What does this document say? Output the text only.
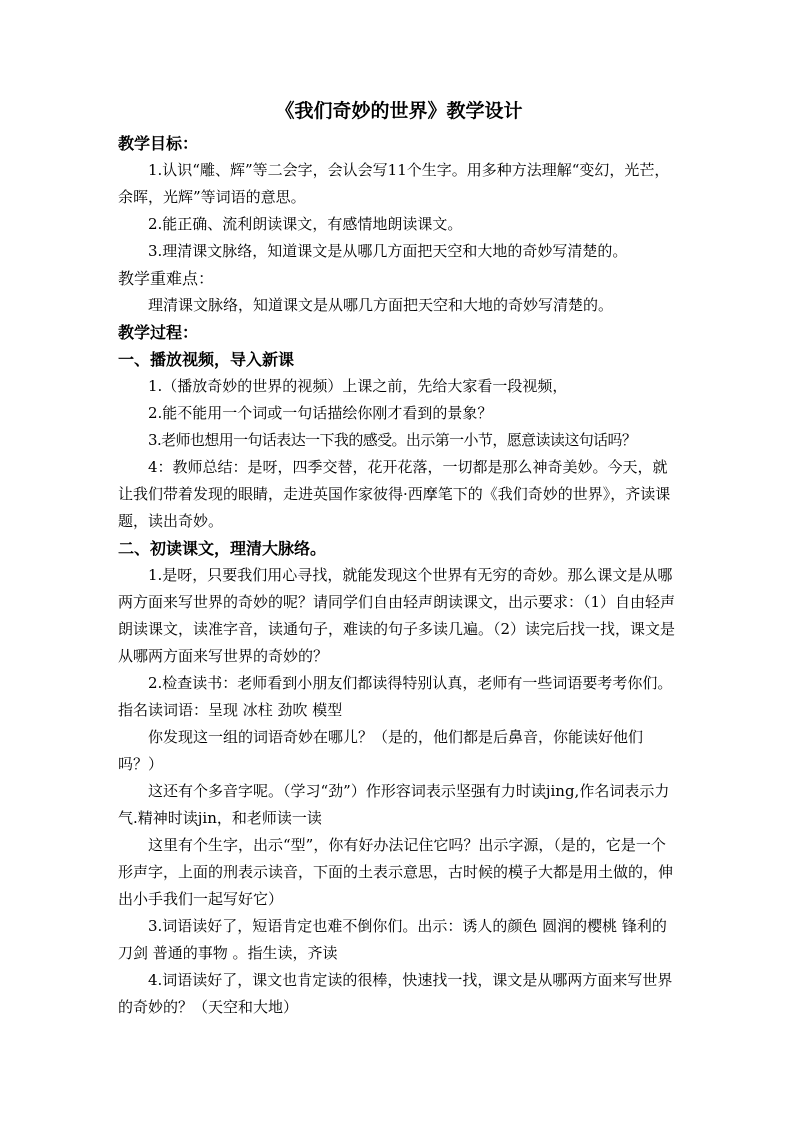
《我们奇妙的世界》教学设计
教学目标：

1.认识“雕、辉”等二会字，会认会写11个生字。用多种方法理解“变幻，光芒，余晖，光辉”等词语的意思。

2.能正确、流利朗读课文，有感情地朗读课文。

3.理清课文脉络，知道课文是从哪几方面把天空和大地的奇妙写清楚的。

教学重难点：

理清课文脉络，知道课文是从哪几方面把天空和大地的奇妙写清楚的。

教学过程：
一、播放视频，导入新课

1.（播放奇妙的世界的视频）上课之前，先给大家看一段视频，

2.能不能用一个词或一句话描绘你刚才看到的景象？

3.老师也想用一句话表达一下我的感受。出示第一小节，愿意读读这句话吗？

4：教师总结：是呀，四季交替，花开花落，一切都是那么神奇美妙。今天，就让我们带着发现的眼睛，走进英国作家彼得·西摩笔下的《我们奇妙的世界》，齐读课题，读出奇妙。

二、初读课文，理清大脉络。

1.是呀，只要我们用心寻找，就能发现这个世界有无穷的奇妙。那么课文是从哪两方面来写世界的奇妙的呢？请同学们自由轻声朗读课文，出示要求：（1）自由轻声朗读课文，读准字音，读通句子，难读的句子多读几遍。（2）读完后找一找，课文是从哪两方面来写世界的奇妙的？

2.检查读书：老师看到小朋友们都读得特别认真，老师有一些词语要考考你们。指名读词语：呈现 冰柱 劲吹 模型

你发现这一组的词语奇妙在哪儿？（是的，他们都是后鼻音，你能读好他们吗？）

这还有个多音字呢。（学习“劲”）作形容词表示坚强有力时读jing,作名词表示力气.精神时读jin，和老师读一读

这里有个生字，出示“型”，你有好办法记住它吗？出示字源，（是的，它是一个形声字，上面的刑表示读音，下面的土表示意思，古时候的模子大都是用土做的，伸出小手我们一起写好它）

3.词语读好了，短语肯定也难不倒你们。出示：诱人的颜色 圆润的樱桃 锋利的刀剑 普通的事物 。指生读，齐读

4.词语读好了，课文也肯定读的很棒，快速找一找，课文是从哪两方面来写世界的奇妙的？（天空和大地）
